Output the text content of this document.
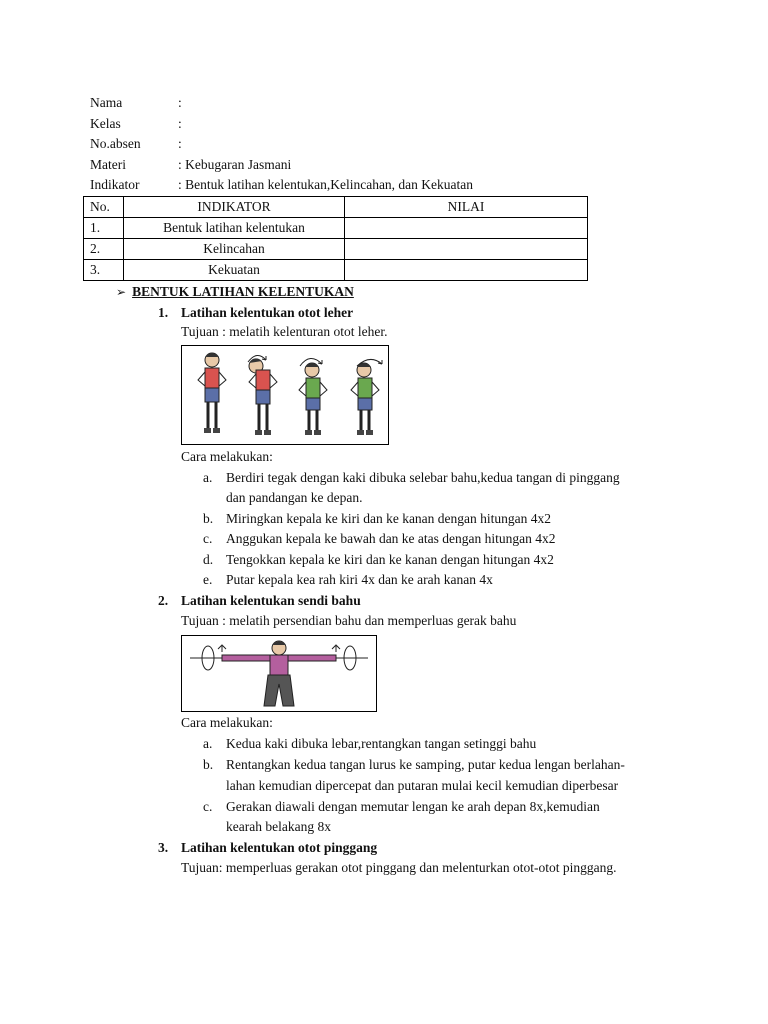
Nama	:
Kelas	:
No.absen	:
Materi	: Kebugaran Jasmani
Indikator	: Bentuk latihan kelentukan,Kelincahan, dan Kekuatan
No.	INDIKATOR	NILAI
1.	Bentuk latihan kelentukan	
2.	Kelincahan	
3.	Kekuatan	
➢ BENTUK LATIHAN KELENTUKAN
1. Latihan kelentukan otot leher
Tujuan : melatih kelenturan otot leher.
Cara melakukan:
a. Berdiri tegak dengan kaki dibuka selebar bahu,kedua tangan di pinggang
dan pandangan ke depan.
b. Miringkan kepala ke kiri dan ke kanan dengan hitungan 4x2
c. Anggukan kepala ke bawah dan ke atas dengan hitungan 4x2
d. Tengokkan kepala ke kiri dan ke kanan dengan hitungan 4x2
e. Putar kepala kea rah kiri 4x dan ke arah kanan 4x
2. Latihan kelentukan sendi bahu
Tujuan : melatih persendian bahu dan memperluas gerak bahu
Cara melakukan:
a. Kedua kaki dibuka lebar,rentangkan tangan setinggi bahu
b. Rentangkan kedua tangan lurus ke samping, putar kedua lengan berlahan-
lahan kemudian dipercepat dan putaran mulai kecil kemudian diperbesar
c. Gerakan diawali dengan memutar lengan ke arah depan 8x,kemudian
kearah belakang 8x
3. Latihan kelentukan otot pinggang
Tujuan: memperluas gerakan otot pinggang dan melenturkan otot-otot pinggang.
